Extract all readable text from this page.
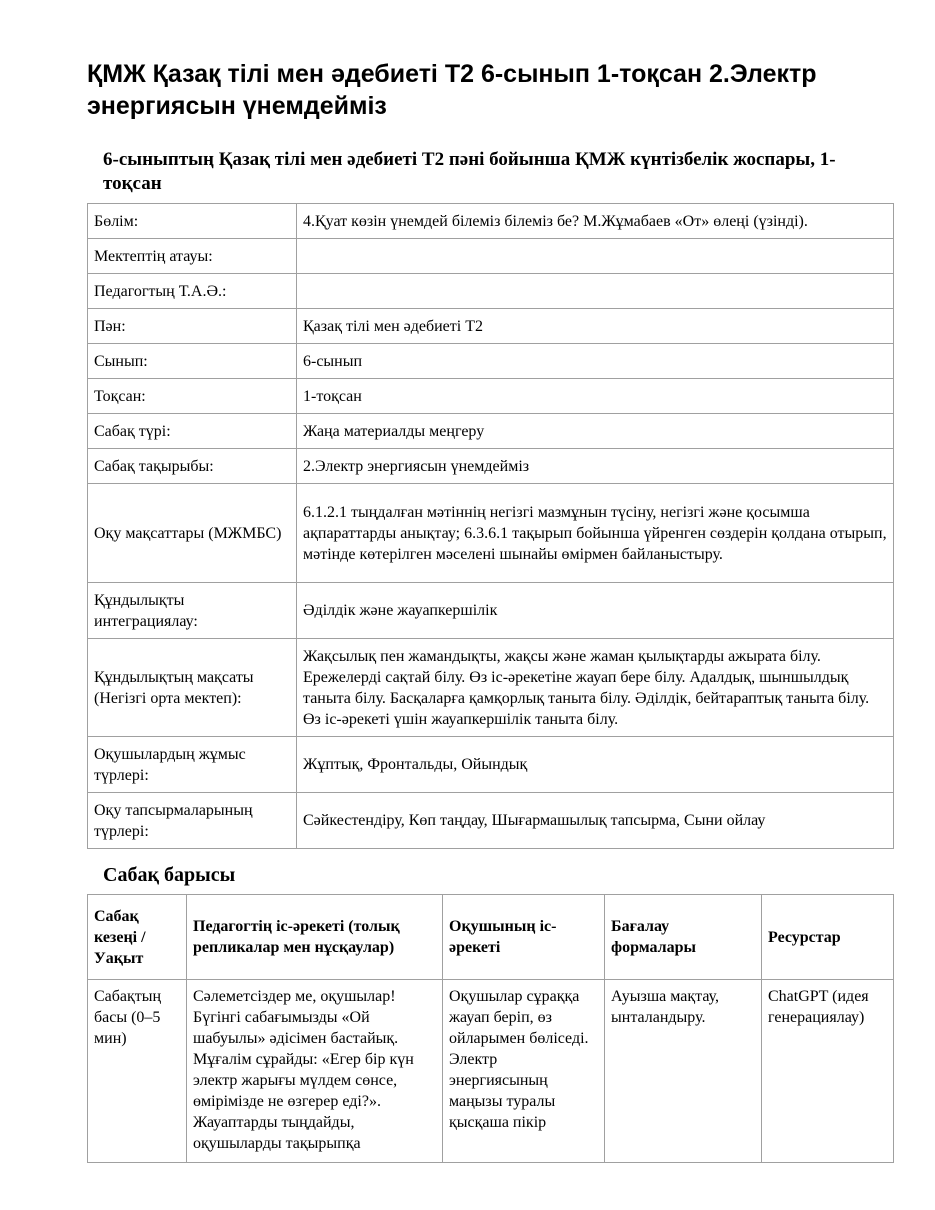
ҚМЖ Қазақ тілі мен әдебиеті Т2 6-сынып 1-тоқсан 2.Электр энергиясын үнемдейміз
6-сыныптың Қазақ тілі мен әдебиеті Т2 пәні бойынша ҚМЖ күнтізбелік жоспары, 1-тоқсан
Бөлім:	4.Қуат көзін үнемдей білеміз білеміз бе? М.Жұмабаев «От» өлеңі (үзінді).
Мектептің атауы:	
Педагогтың Т.А.Ә.:	
Пән:	Қазақ тілі мен әдебиеті Т2
Сынып:	6-сынып
Тоқсан:	1-тоқсан
Сабақ түрі:	Жаңа материалды меңгеру
Сабақ тақырыбы:	2.Электр энергиясын үнемдейміз
Оқу мақсаттары (МЖМБС)	6.1.2.1 тыңдалған мәтіннің негізгі мазмұнын түсіну, негізгі және қосымша ақпараттарды анықтау; 6.3.6.1 тақырып бойынша үйренген сөздерін қолдана отырып, мәтінде көтерілген мәселені шынайы өмірмен байланыстыру.
Құндылықты интеграциялау:	Әділдік және жауапкершілік
Құндылықтың мақсаты (Негізгі орта мектеп):	Жақсылық пен жамандықты, жақсы және жаман қылықтарды ажырата білу. Ережелерді сақтай білу. Өз іс-әрекетіне жауап бере білу. Адалдық, шыншылдық таныта білу. Басқаларға қамқорлық таныта білу. Әділдік, бейтараптық таныта білу. Өз іс-әрекеті үшін жауапкершілік таныта білу.
Оқушылардың жұмыс түрлері:	Жұптық, Фронтальды, Ойындық
Оқу тапсырмаларының түрлері:	Сәйкестендіру, Көп таңдау, Шығармашылық тапсырма, Сыни ойлау
Сабақ барысы
Сабақ кезеңі / Уақыт	Педагогтің іс-әрекеті (толық репликалар мен нұсқаулар)	Оқушының іс-әрекеті	Бағалау формалары	Ресурстар
Сабақтың басы (0–5 мин)	Сәлеметсіздер ме, оқушылар! Бүгінгі сабағымызды «Ой шабуылы» әдісімен бастайық. Мұғалім сұрайды: «Егер бір күн электр жарығы мүлдем сөнсе, өмірімізде не өзгерер еді?». Жауаптарды тыңдайды, оқушыларды тақырыпқа	Оқушылар сұраққа жауап беріп, өз ойларымен бөліседі. Электр энергиясының маңызы туралы қысқаша пікір	Ауызша мақтау, ынталандыру.	ChatGPT (идея генерациялау)
